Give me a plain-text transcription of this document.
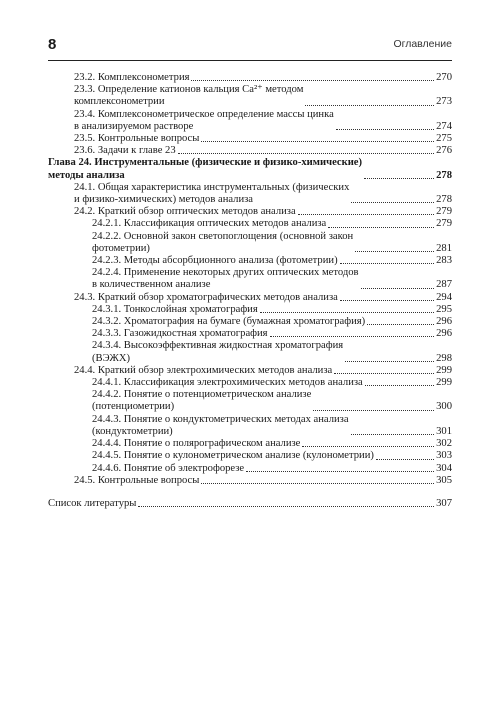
8	Оглавление
23.2. Комплексонометрия	270
23.3. Определение катионов кальция Ca²⁺ методом
комплексонометрии	273
23.4. Комплексонометрическое определение массы цинка
в анализируемом растворе	274
23.5. Контрольные вопросы	275
23.6. Задачи к главе 23	276
Глава 24. Инструментальные (физические и физико-химические)
методы анализа	278
24.1. Общая характеристика инструментальных (физических
и физико-химических) методов анализа	278
24.2. Краткий обзор оптических методов анализа	279
24.2.1. Классификация оптических методов анализа	279
24.2.2. Основной закон светопоглощения (основной закон
фотометрии)	281
24.2.3. Методы абсорбционного анализа (фотометрии)	283
24.2.4. Применение некоторых других оптических методов
в количественном анализе	287
24.3. Краткий обзор хроматографических методов анализа	294
24.3.1. Тонкослойная хроматография	295
24.3.2. Хроматография на бумаге (бумажная хроматография)	296
24.3.3. Газожидкостная хроматография	296
24.3.4. Высокоэффективная жидкостная хроматография
(ВЭЖХ)	298
24.4. Краткий обзор электрохимических методов анализа	299
24.4.1. Классификация электрохимических методов анализа	299
24.4.2. Понятие о потенциометрическом анализе
(потенциометрии)	300
24.4.3. Понятие о кондуктометрических методах анализа
(кондуктометрии)	301
24.4.4. Понятие о полярографическом анализе	302
24.4.5. Понятие о кулонометрическом анализе (кулонометрии)	303
24.4.6. Понятие об электрофорезе	304
24.5. Контрольные вопросы	305
Список литературы	307
